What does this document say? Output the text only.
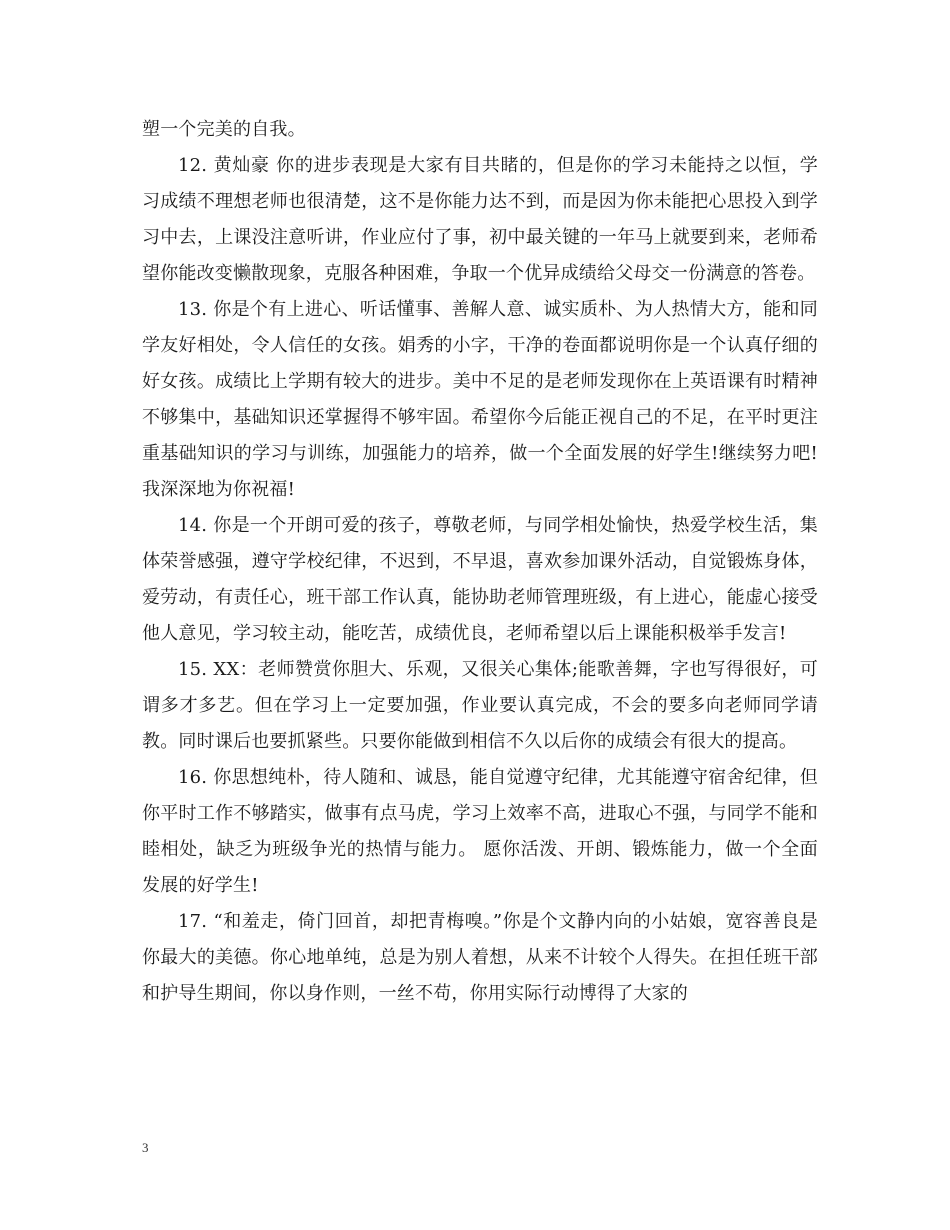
塑一个完美的自我。

12. 黄灿豪 你的进步表现是大家有目共睹的，但是你的学习未能持之以恒，学习成绩不理想老师也很清楚，这不是你能力达不到，而是因为你未能把心思投入到学习中去，上课没注意听讲，作业应付了事，初中最关键的一年马上就要到来，老师希望你能改变懒散现象，克服各种困难，争取一个优异成绩给父母交一份满意的答卷。

13. 你是个有上进心、听话懂事、善解人意、诚实质朴、为人热情大方，能和同学友好相处，令人信任的女孩。娟秀的小字，干净的卷面都说明你是一个认真仔细的好女孩。成绩比上学期有较大的进步。美中不足的是老师发现你在上英语课有时精神不够集中，基础知识还掌握得不够牢固。希望你今后能正视自己的不足，在平时更注重基础知识的学习与训练，加强能力的培养，做一个全面发展的好学生!继续努力吧!我深深地为你祝福!

14. 你是一个开朗可爱的孩子，尊敬老师，与同学相处愉快，热爱学校生活，集体荣誉感强，遵守学校纪律，不迟到，不早退，喜欢参加课外活动，自觉锻炼身体，爱劳动，有责任心，班干部工作认真，能协助老师管理班级，有上进心，能虚心接受他人意见，学习较主动，能吃苦，成绩优良，老师希望以后上课能积极举手发言!

15. XX：老师赞赏你胆大、乐观，又很关心集体;能歌善舞，字也写得很好，可谓多才多艺。但在学习上一定要加强，作业要认真完成，不会的要多向老师同学请教。同时课后也要抓紧些。只要你能做到相信不久以后你的成绩会有很大的提高。

16. 你思想纯朴，待人随和、诚恳，能自觉遵守纪律，尤其能遵守宿舍纪律，但你平时工作不够踏实，做事有点马虎，学习上效率不高，进取心不强，与同学不能和睦相处，缺乏为班级争光的热情与能力。 愿你活泼、开朗、锻炼能力，做一个全面发展的好学生!

17. “和羞走，倚门回首，却把青梅嗅。”你是个文静内向的小姑娘，宽容善良是你最大的美德。你心地单纯，总是为别人着想，从来不计较个人得失。在担任班干部和护导生期间，你以身作则，一丝不苟，你用实际行动博得了大家的

3
